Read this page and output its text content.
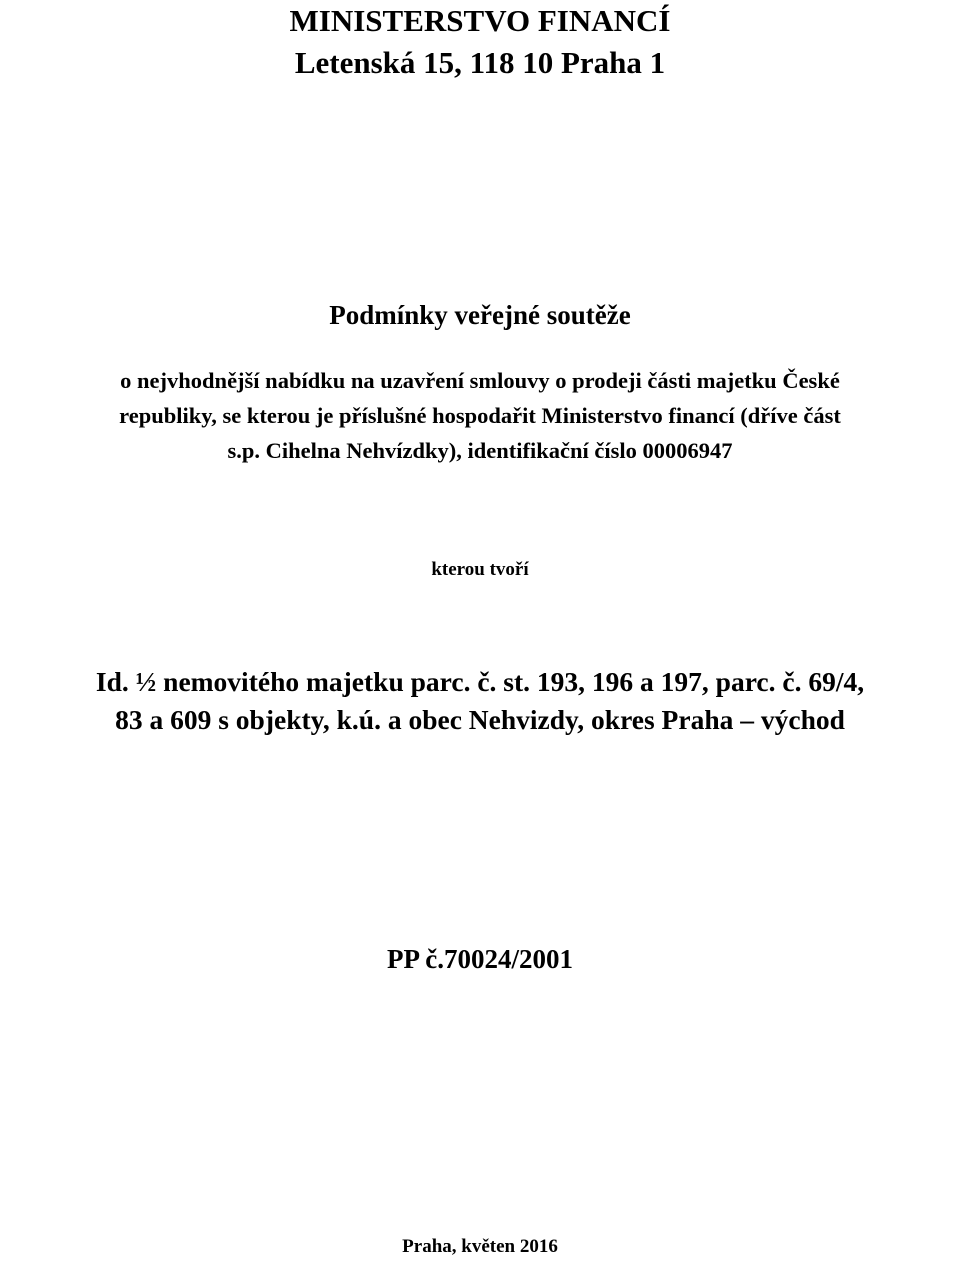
MINISTERSTVO FINANCÍ
Letenská 15, 118 10 Praha 1
Podmínky veřejné soutěže
o nejvhodnější nabídku na uzavření smlouvy o prodeji části majetku České
republiky, se kterou je příslušné hospodařit Ministerstvo financí (dříve část
s.p. Cihelna Nehvízdky), identifikační číslo 00006947
kterou tvoří
Id. ½ nemovitého majetku parc. č. st. 193, 196 a 197, parc. č. 69/4,
83 a 609 s objekty, k.ú. a obec Nehvizdy, okres Praha – východ
PP č.70024/2001
Praha, květen 2016
